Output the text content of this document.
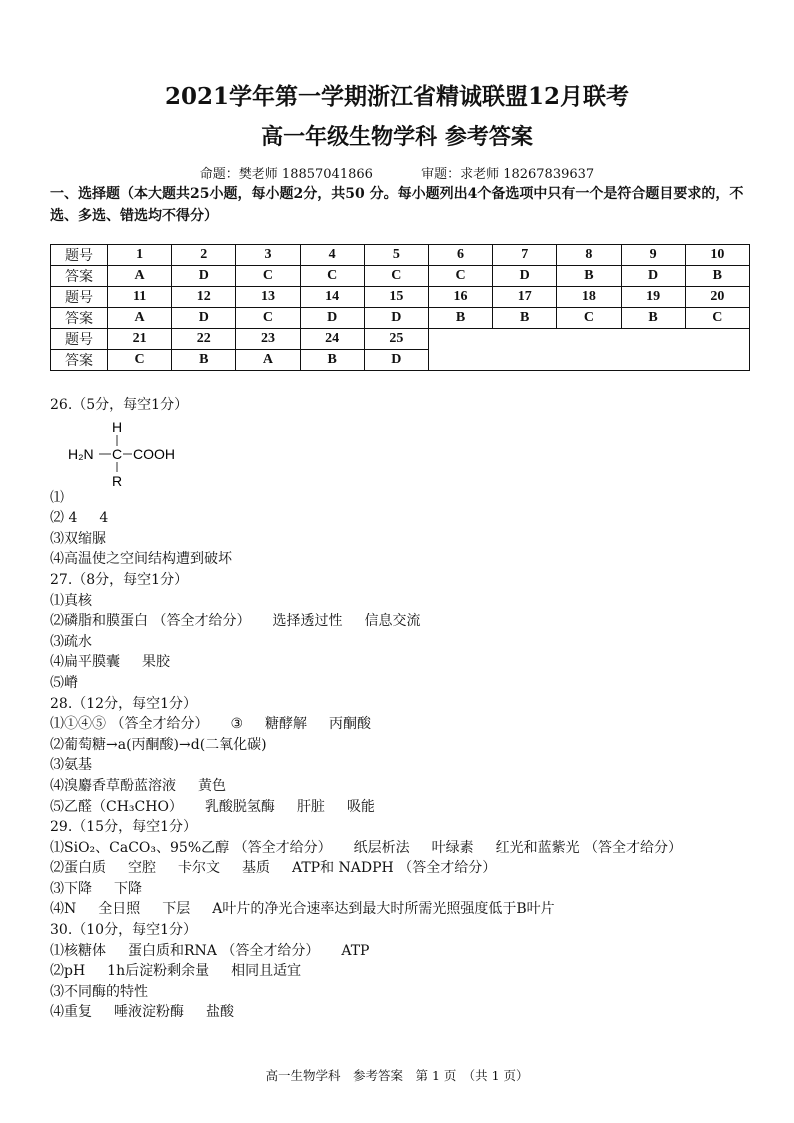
2021学年第一学期浙江省精诚联盟12月联考
高一年级生物学科 参考答案
命题：樊老师 18857041866	审题：求老师 18267839637
一、选择题（本大题共25小题，每小题2分，共50 分。每小题列出4个备选项中只有一个是符合题目要求的，不选、多选、错选均不得分）
题号	1	2	3	4	5	6	7	8	9	10
答案	A	D	C	C	C	C	D	B	D	B
题号	11	12	13	14	15	16	17	18	19	20
答案	A	D	C	D	D	B	B	C	B	C
题号	21	22	23	24	25					
答案	C	B	A	B	D					
26.（5分，每空1分）
H
H₂N C COOH
R
⑴
⑵ 4 4
⑶双缩脲
⑷高温使之空间结构遭到破坏
27.（8分，每空1分）
⑴真核
⑵磷脂和膜蛋白 （答全才给分） 选择透过性 信息交流
⑶疏水
⑷扁平膜囊 果胶
⑸嵴
28.（12分，每空1分）
⑴①④⑤ （答全才给分） ③ 糖酵解 丙酮酸
⑵葡萄糖→a(丙酮酸)→d(二氧化碳)
⑶氨基
⑷溴麝香草酚蓝溶液 黄色
⑸乙醛（CH₃CHO） 乳酸脱氢酶 肝脏 吸能
29.（15分，每空1分）
⑴SiO₂、CaCO₃、95%乙醇 （答全才给分） 纸层析法 叶绿素 红光和蓝紫光 （答全才给分）
⑵蛋白质 空腔 卡尔文 基质 ATP和 NADPH （答全才给分）
⑶下降 下降
⑷N 全日照 下层 A叶片的净光合速率达到最大时所需光照强度低于B叶片
30.（10分，每空1分）
⑴核糖体 蛋白质和RNA （答全才给分） ATP
⑵pH 1h后淀粉剩余量 相同且适宜
⑶不同酶的特性
⑷重复 唾液淀粉酶 盐酸
高一生物学科　参考答案　第 1 页　（共 1 页）
